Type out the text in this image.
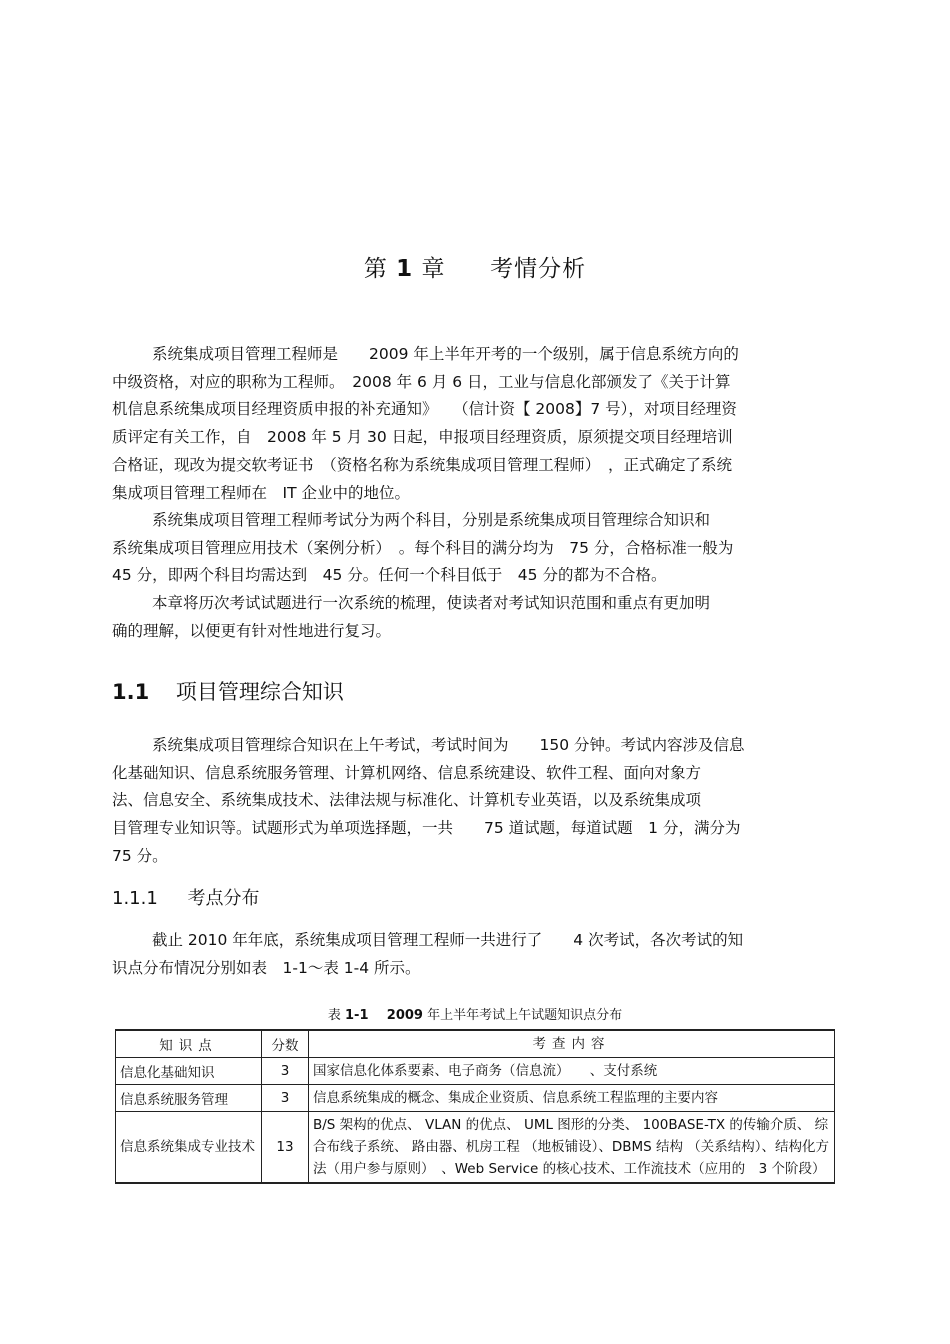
第 1 章 考情分析
系统集成项目管理工程师是　　2009 年上半年开考的一个级别，属于信息系统方向的
中级资格，对应的职称为工程师。　2008 年 6 月 6 日，工业与信息化部颁发了《关于计算
机信息系统集成项目经理资质申报的补充通知》　　（信计资【 2008】7 号），对项目经理资
质评定有关工作，自　2008 年 5 月 30 日起，申报项目经理资质，原须提交项目经理培训
合格证，现改为提交软考证书　（资格名称为系统集成项目管理工程师）　，正式确定了系统
集成项目管理工程师在　IT 企业中的地位。
系统集成项目管理工程师考试分为两个科目，分别是系统集成项目管理综合知识和
系统集成项目管理应用技术（案例分析）　。每个科目的满分均为　75 分，合格标准一般为
45 分，即两个科目均需达到　45 分。任何一个科目低于　45 分的都为不合格。
本章将历次考试试题进行一次系统的梳理，使读者对考试知识范围和重点有更加明
确的理解，以便更有针对性地进行复习。
1.1 项目管理综合知识
系统集成项目管理综合知识在上午考试，考试时间为　　150 分钟。考试内容涉及信息
化基础知识、信息系统服务管理、计算机网络、信息系统建设、软件工程、面向对象方
法、信息安全、系统集成技术、法律法规与标准化、计算机专业英语，以及系统集成项
目管理专业知识等。试题形式为单项选择题，一共　　75 道试题，每道试题　1 分，满分为
75 分。
1.1.1 考点分布
截止 2010 年年底，系统集成项目管理工程师一共进行了　　4 次考试，各次考试的知
识点分布情况分别如表　1-1～表 1-4 所示。
表 1-1 2009 年上半年考试上午试题知识点分布
知识点	分数	考查内容
信息化基础知识	3	国家信息化体系要素、电子商务（信息流）　　、支付系统
信息系统服务管理	3	信息系统集成的概念、集成企业资质、信息系统工程监理的主要内容
信息系统集成专业技术	13	B/S 架构的优点、 VLAN 的优点、 UML 图形的分类、 100BASE-TX 的传输介质、 综合布线子系统、 路由器、机房工程 （地板铺设）、DBMS 结构 （关系结构）、结构化方法（用户参与原则）　、Web Service 的核心技术、工作流技术（应用的　3 个阶段）
